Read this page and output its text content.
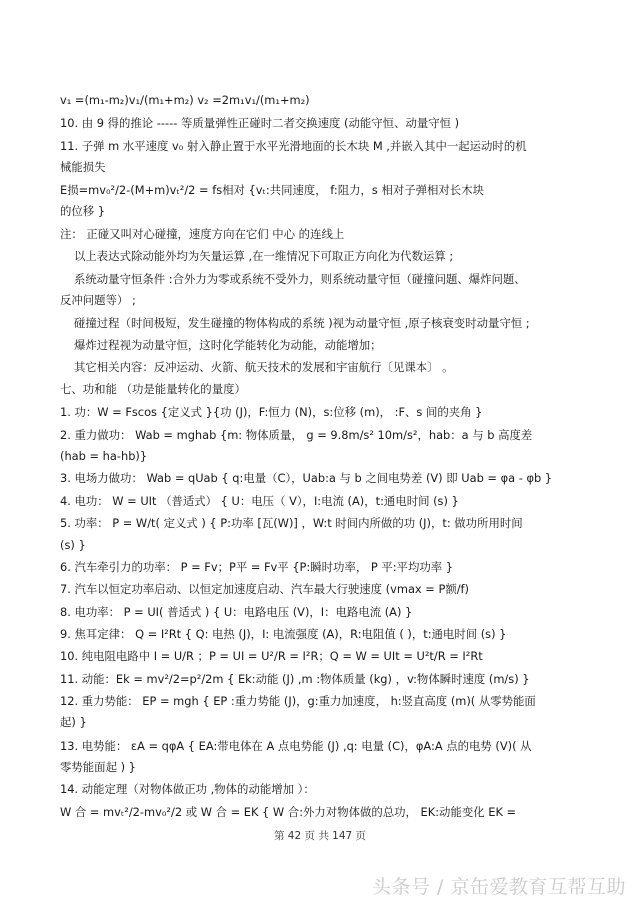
v₁ =(m₁-m₂)v₁/(m₁+m₂) v₂ =2m₁v₁/(m₁+m₂)
10. 由 9 得的推论 ----- 等质量弹性正碰时二者交换速度 (动能守恒、动量守恒 )
11. 子弹 m 水平速度 v₀ 射入静止置于水平光滑地面的长木块 M ,并嵌入其中一起运动时的机
械能损失
E损=mv₀²/2-(M+m)vₜ²/2 = fs相对 {vₜ:共同速度， f:阻力，s 相对子弹相对长木块
的位移 }
注： 正碰又叫对心碰撞，速度方向在它们 中心 的连线上
以上表达式除动能外均为矢量运算 ,在一维情况下可取正方向化为代数运算 ;
系统动量守恒条件 :合外力为零或系统不受外力，则系统动量守恒（碰撞问题、爆炸问题、
反冲问题等） ;
碰撞过程（时间极短，发生碰撞的物体构成的系统 )视为动量守恒 ,原子核衰变时动量守恒 ;
爆炸过程视为动量守恒，这时化学能转化为动能，动能增加；
其它相关内容：反冲运动、火箭、航天技术的发展和宇宙航行〔见课本〕 。
七、功和能 （功是能量转化的量度）
1. 功：W = Fscos {定义式 }{功 (J)，F:恒力 (N)，s:位移 (m)， :F、s 间的夹角 }
2. 重力做功： Wab = mghab {m: 物体质量， g = 9.8m/s² 10m/s²，hab：a 与 b 高度差
(hab = ha-hb)}
3. 电场力做功： Wab = qUab { q:电量（C），Uab:a 与 b 之间电势差 (V) 即 Uab = φa - φb }
4. 电功： W = UIt （普适式） { U：电压（ V），I:电流 (A)，t:通电时间 (s) }
5. 功率： P = W/t( 定义式 ) { P:功率 [瓦(W)] ，W:t 时间内所做的功 (J)，t: 做功所用时间
(s) }
6. 汽车牵引力的功率： P = Fv；P平 = Fv平 {P:瞬时功率， P 平:平均功率 }
7. 汽车以恒定功率启动、以恒定加速度启动、汽车最大行驶速度 (vmax = P额/f)
8. 电功率： P = UI( 普适式 ) { U：电路电压 (V)，I：电路电流 (A) }
9. 焦耳定律： Q = I²Rt { Q: 电热 (J)，I: 电流强度 (A)，R:电阻值 ( )，t:通电时间 (s) }
10. 纯电阻电路中 I = U/R ；P = UI = U²/R = I²R；Q = W = UIt = U²t/R = I²Rt
11. 动能：Ek = mv²/2=p²/2m { Ek:动能 (J) ,m :物体质量 (kg) ，v:物体瞬时速度 (m/s) }
12. 重力势能： EP = mgh { EP :重力势能 (J)，g:重力加速度， h:竖直高度 (m)( 从零势能面
起) }
13. 电势能： εA = qφA { EA:带电体在 A 点电势能 (J) ,q: 电量 (C)，φA:A 点的电势 (V)( 从
零势能面起 ) }
14. 动能定理（对物体做正功 ,物体的动能增加 ）：
W 合 = mvₜ²/2-mv₀²/2 或 W 合 = EK { W 合:外力对物体做的总功， EK:动能变化 EK =
第 42 页 共 147 页
头条号 / 京缶爱教育互帮互助
